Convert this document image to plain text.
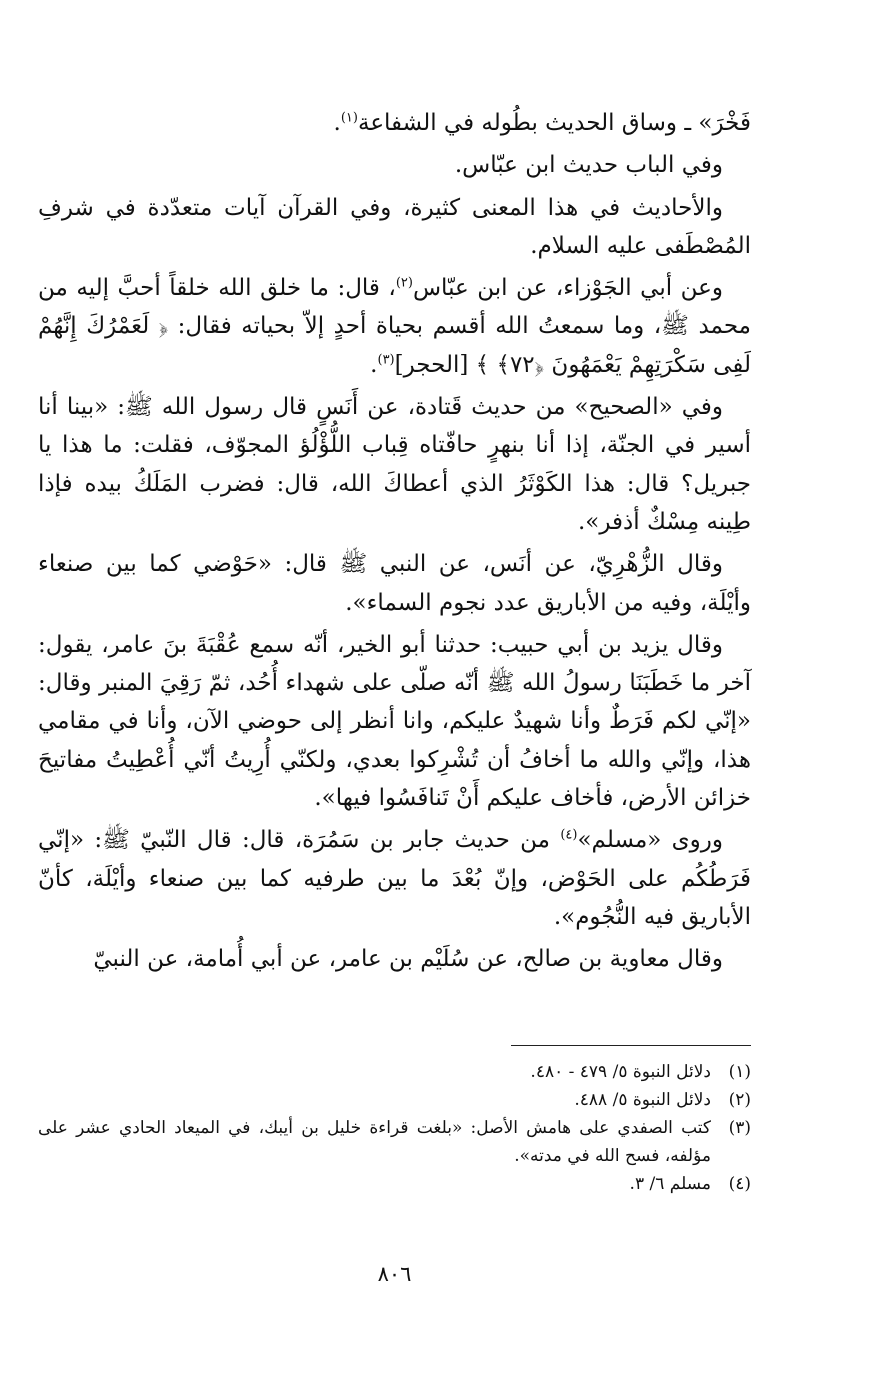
فَخْرَ» ـ وساق الحديث بطُوله في الشفاعة$^{(١)}$.

وفي الباب حديث ابن عبّاس.

والأحاديث في هذا المعنى كثيرة، وفي القرآن آيات متعدّدة في شرفِ المُصْطَفى عليه السلام.

وعن أبي الجَوْزاء، عن ابن عبّاس$^{(٢)}$، قال: ما خلق الله خلقاً أحبَّ إليه من محمد ﷺ، وما سمعتُ الله أقسم بحياة أحدٍ إلاّ بحياته فقال: ﴿ لَعَمْرُكَ إِنَّهُمْ لَفِى سَكْرَتِهِمْ يَعْمَهُونَ ﴿٧٢﴾ ﴾ [الحجر]$^{(٣)}$.

وفي «الصحيح» من حديث قَتادة، عن أَنَسٍ قال رسول الله ﷺ: «بينا أنا أسير في الجنّة، إذا أنا بنهرٍ حافّتاه قِباب اللُّؤْلُؤ المجوّف، فقلت: ما هذا يا جبريل؟ قال: هذا الكَوْثَرُ الذي أعطاكَ الله، قال: فضرب المَلَكُ بيده فإذا طِينه مِسْكٌ أذفر».

وقال الزُّهْرِيّ، عن أنَس، عن النبي ﷺ قال: «حَوْضي كما بين صنعاء وأيْلَة، وفيه من الأباريق عدد نجوم السماء».

وقال يزيد بن أبي حبيب: حدثنا أبو الخير، أنّه سمع عُقْبَةَ بنَ عامر، يقول: آخر ما خَطَبَنَا رسولُ الله ﷺ أنّه صلّى على شهداء أُحُد، ثمّ رَقِيَ المنبر وقال: «إنّي لكم فَرَطٌ وأنا شهيدٌ عليكم، وانا أنظر إلى حوضي الآن، وأنا في مقامي هذا، وإنّي والله ما أخافُ أن تُشْرِكوا بعدي، ولكنّي أُرِيتُ أنّي أُعْطِيتُ مفاتيحَ خزائن الأرض، فأخاف عليكم أَنْ تَنافَسُوا فيها».

وروى «مسلم»$^{(٤)}$ من حديث جابر بن سَمُرَة، قال: قال النّبيّ ﷺ: «إنّي فَرَطُكُم على الحَوْض، وإنّ بُعْدَ ما بين طرفيه كما بين صنعاء وأيْلَة، كأنّ الأباريق فيه النُّجُوم».

وقال معاوية بن صالح، عن سُلَيْم بن عامر، عن أبي أُمامة، عن النبيّ

(١)
دلائل النبوة ٥/ ٤٧٩ - ٤٨٠.
(٢)
دلائل النبوة ٥/ ٤٨٨.
(٣)
كتب الصفدي على هامش الأصل: «بلغت قراءة خليل بن أيبك، في الميعاد الحادي عشر على مؤلفه، فسح الله في مدته».
(٤)
مسلم ٦/ ٣.
٨٠٦
